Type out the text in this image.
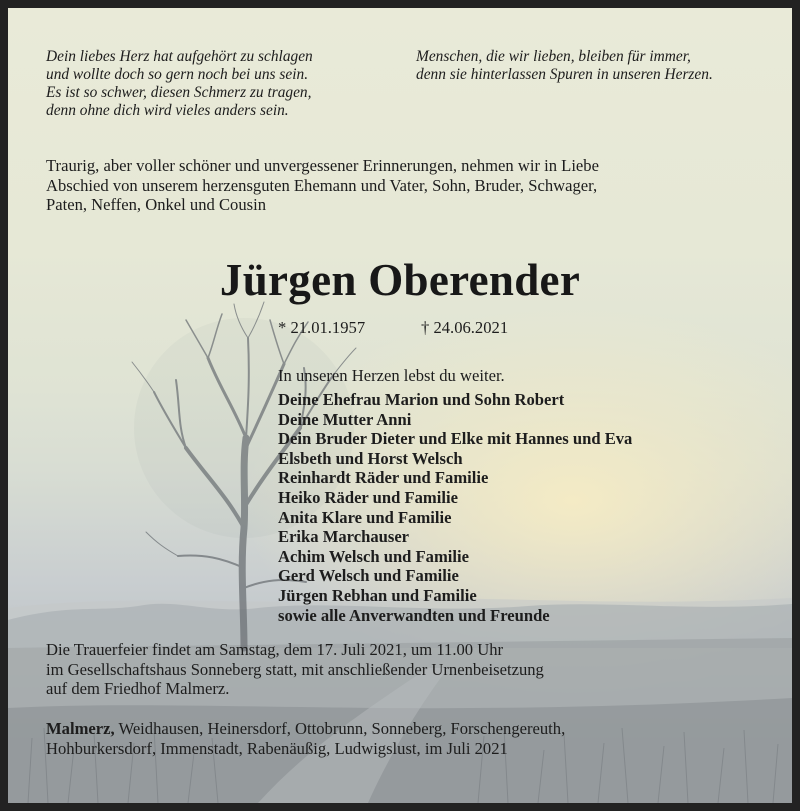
Dein liebes Herz hat aufgehört zu schlagen
und wollte doch so gern noch bei uns sein.
Es ist so schwer, diesen Schmerz zu tragen,
denn ohne dich wird vieles anders sein.
Menschen, die wir lieben, bleiben für immer,
denn sie hinterlassen Spuren in unseren Herzen.
Traurig, aber voller schöner und unvergessener Erinnerungen, nehmen wir in Liebe
Abschied von unserem herzensguten Ehemann und Vater, Sohn, Bruder, Schwager,
Paten, Neffen, Onkel und Cousin
Jürgen Oberender
* 21.01.1957	† 24.06.2021
In unseren Herzen lebst du weiter.
Deine Ehefrau Marion und Sohn Robert
Deine Mutter Anni
Dein Bruder Dieter und Elke mit Hannes und Eva
Elsbeth und Horst Welsch
Reinhardt Räder und Familie
Heiko Räder und Familie
Anita Klare und Familie
Erika Marchauser
Achim Welsch und Familie
Gerd Welsch und Familie
Jürgen Rebhan und Familie
sowie alle Anverwandten und Freunde
Die Trauerfeier findet am Samstag, dem 17. Juli 2021, um 11.00 Uhr
im Gesellschaftshaus Sonneberg statt, mit anschließender Urnenbeisetzung
auf dem Friedhof Malmerz.
Malmerz, Weidhausen, Heinersdorf, Ottobrunn, Sonneberg, Forschengereuth,
Hohburkersdorf, Immenstadt, Rabenäußig, Ludwigslust, im Juli 2021
